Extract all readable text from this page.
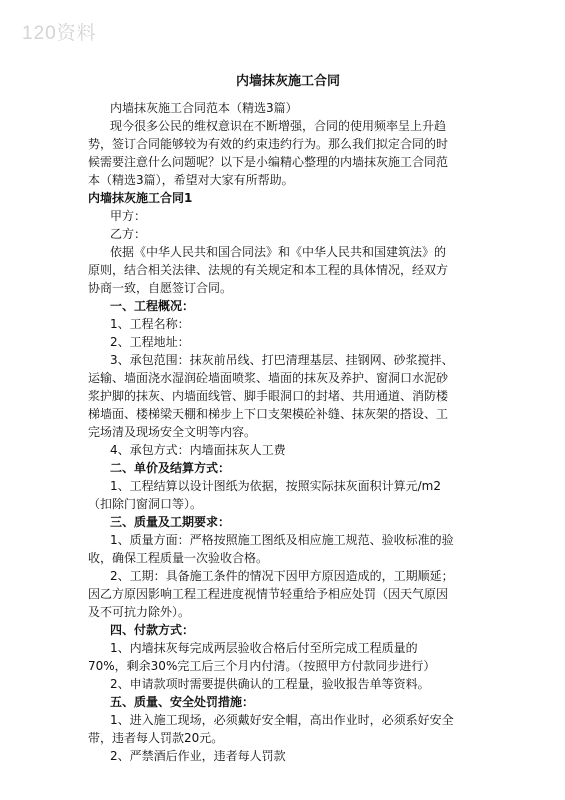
120资料
内墙抹灰施工合同
内墙抹灰施工合同范本（精选3篇）
现今很多公民的维权意识在不断增强，合同的使用频率呈上升趋
势，签订合同能够较为有效的约束违约行为。那么我们拟定合同的时
候需要注意什么问题呢？以下是小编精心整理的内墙抹灰施工合同范
本（精选3篇），希望对大家有所帮助。
内墙抹灰施工合同1
甲方：
乙方：
依据《中华人民共和国合同法》和《中华人民共和国建筑法》的
原则，结合相关法律、法规的有关规定和本工程的具体情况，经双方
协商一致，自愿签订合同。
一、工程概况：
1、工程名称：
2、工程地址：
3、承包范围：抹灰前吊线、打巴清理基层、挂钢网、砂浆搅拌、
运输、墙面浇水湿润砼墙面喷浆、墙面的抹灰及养护、窗洞口水泥砂
浆护脚的抹灰、内墙面线管、脚手眼洞口的封堵、共用通道、消防楼
梯墙面、楼梯梁天棚和梯步上下口支架模砼补缝、抹灰架的搭设、工
完场清及现场安全文明等内容。
4、承包方式：内墙面抹灰人工费
二、单价及结算方式：
1、工程结算以设计图纸为依据，按照实际抹灰面积计算元/m2
（扣除门窗洞口等）。
三、质量及工期要求：
1、质量方面：严格按照施工图纸及相应施工规范、验收标准的验
收，确保工程质量一次验收合格。
2、工期：具备施工条件的情况下因甲方原因造成的，工期顺延；
因乙方原因影响工程工程进度视情节轻重给予相应处罚（因天气原因
及不可抗力除外）。
四、付款方式：
1、内墙抹灰每完成两层验收合格后付至所完成工程质量的
70%，剩余30%完工后三个月内付清。（按照甲方付款同步进行）
2、申请款项时需要提供确认的工程量，验收报告单等资料。
五、质量、安全处罚措施：
1、进入施工现场，必须戴好安全帽，高出作业时，必须系好安全
带，违者每人罚款20元。
2、严禁酒后作业，违者每人罚款
